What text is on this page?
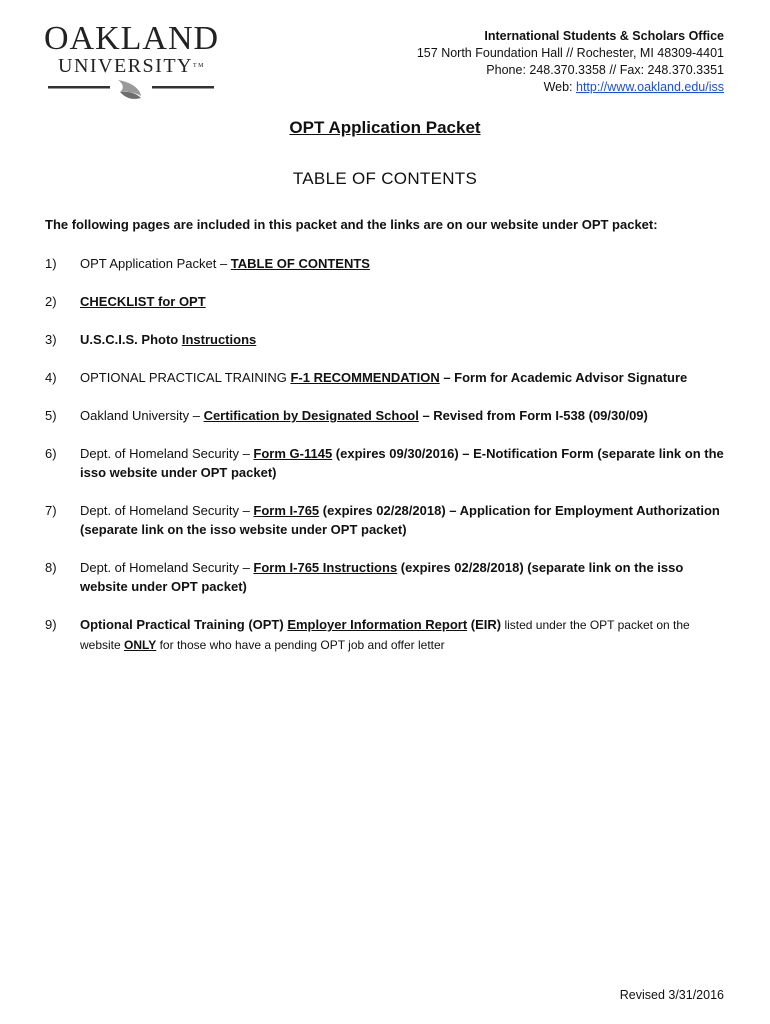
OAKLAND
UNIVERSITY™
International Students & Scholars Office
157 North Foundation Hall // Rochester, MI 48309-4401
Phone: 248.370.3358 // Fax: 248.370.3351
Web: http://www.oakland.edu/iss
OPT Application Packet
TABLE OF CONTENTS
The following pages are included in this packet and the links are on our website under OPT packet:
1) OPT Application Packet – TABLE OF CONTENTS
2) CHECKLIST for OPT
3) U.S.C.I.S. Photo Instructions
4) OPTIONAL PRACTICAL TRAINING F-1 RECOMMENDATION – Form for Academic Advisor Signature
5) Oakland University – Certification by Designated School – Revised from Form I-538 (09/30/09)
6) Dept. of Homeland Security – Form G-1145 (expires 09/30/2016) – E-Notification Form (separate link on the isso website under OPT packet)
7) Dept. of Homeland Security – Form I-765 (expires 02/28/2018) – Application for Employment Authorization (separate link on the isso website under OPT packet)
8) Dept. of Homeland Security – Form I-765 Instructions (expires 02/28/2018) (separate link on the isso website under OPT packet)
9) Optional Practical Training (OPT) Employer Information Report (EIR) listed under the OPT packet on the website ONLY for those who have a pending OPT job and offer letter
Revised 3/31/2016
